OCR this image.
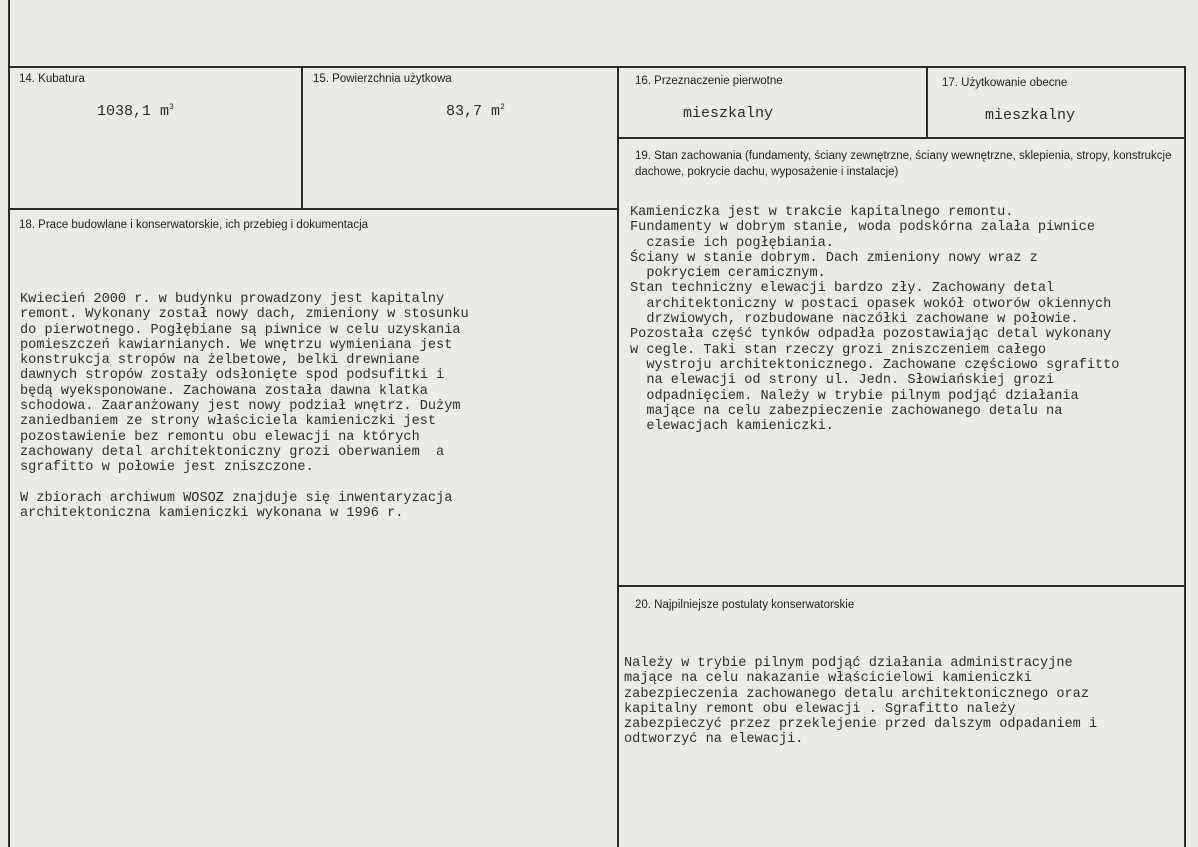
14. Kubatura
1038,1 $m^3$
15. Powierzchnia użytkowa
83,7 $m^2$
16. Przeznaczenie pierwotne
mieszkalny
17. Użytkowanie obecne
mieszkalny
18. Prace budowlane i konserwatorskie, ich przebieg i dokumentacja
Kwiecień 2000 r. w budynku prowadzony jest kapitalny
remont. Wykonany został nowy dach, zmieniony w stosunku
do pierwotnego. Pogłębiane są piwnice w celu uzyskania
pomieszczeń kawiarnianych. We wnętrzu wymieniana jest
konstrukcja stropów na żelbetowe, belki drewniane
dawnych stropów zostały odsłonięte spod podsufitki i
będą wyeksponowane. Zachowana została dawna klatka
schodowa. Zaaranżowany jest nowy podział wnętrz. Dużym
zaniedbaniem ze strony właściciela kamieniczki jest
pozostawienie bez remontu obu elewacji na których
zachowany detal architektoniczny grozi oberwaniem  a
sgrafitto w połowie jest zniszczone.

W zbiorach archiwum WOSOZ znajduje się inwentaryzacja
architektoniczna kamieniczki wykonana w 1996 r.
19. Stan zachowania (fundamenty, ściany zewnętrzne, ściany wewnętrzne, sklepienia, stropy, konstrukcje dachowe, pokrycie dachu, wyposażenie i instalacje)
Kamieniczka jest w trakcie kapitalnego remontu.
Fundamenty w dobrym stanie, woda podskórna zalała piwnice
czasie ich pogłębiania.
Ściany w stanie dobrym. Dach zmieniony nowy wraz z
pokryciem ceramicznym.
Stan techniczny elewacji bardzo zły. Zachowany detal
architektoniczny w postaci opasek wokół otworów okiennych
drzwiowych, rozbudowane naczółki zachowane w połowie.
Pozostała część tynków odpadła pozostawiając detal wykonany
w cegle. Taki stan rzeczy grozi zniszczeniem całego
wystroju architektonicznego. Zachowane częściowo sgrafitto
na elewacji od strony ul. Jedn. Słowiańskiej grozi
odpadnięciem. Należy w trybie pilnym podjąć działania
mające na celu zabezpieczenie zachowanego detalu na
elewacjach kamieniczki.
20. Najpilniejsze postulaty konserwatorskie
Należy w trybie pilnym podjąć działania administracyjne
mające na celu nakazanie właścicielowi kamieniczki
zabezpieczenia zachowanego detalu architektonicznego oraz
kapitalny remont obu elewacji . Sgrafitto należy
zabezpieczyć przez przeklejenie przed dalszym odpadaniem i
odtworzyć na elewacji.
